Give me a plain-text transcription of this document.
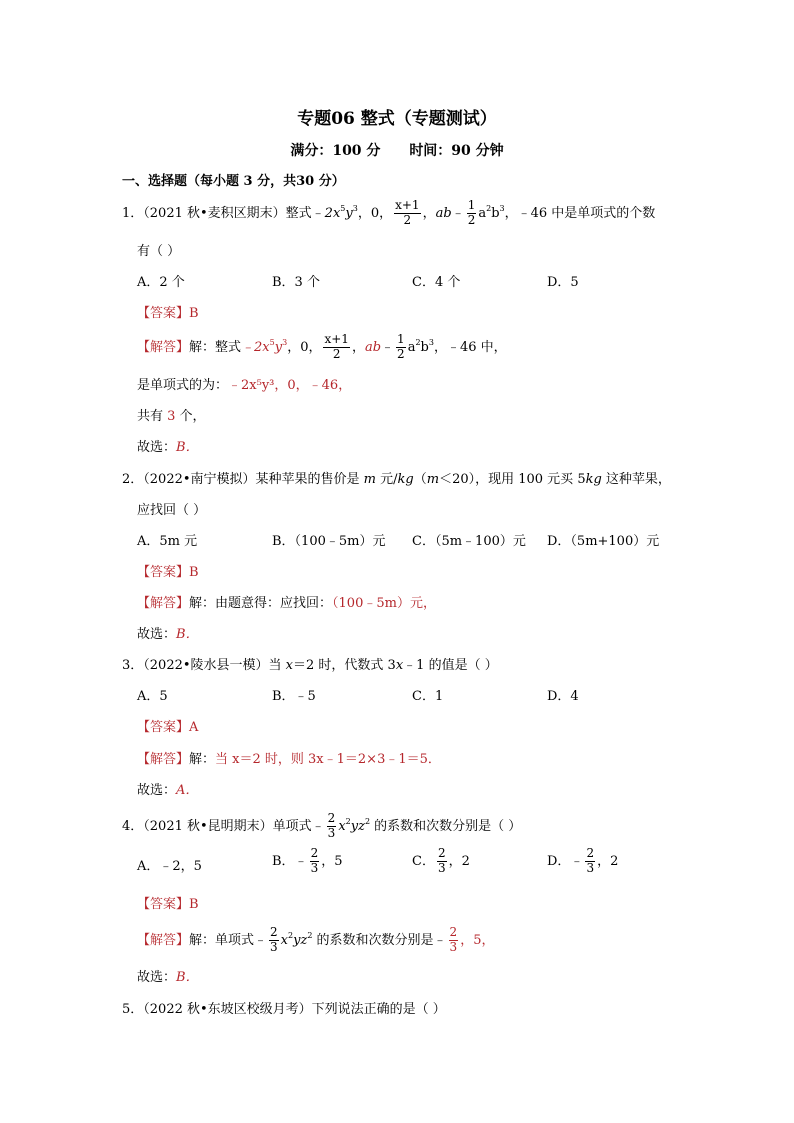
专题06 整式（专题测试）
满分：100 分 时间：90 分钟
一、选择题（每小题 3 分，共30 分）
1．（2021 秋•麦积区期末）整式$﹣2x^5y^3$，0， $\frac{x+1}{2}$ ，ab﹣ $\frac{1}{2} a^2b^3$，﹣46 中是单项式的个数
有（ ）
A．2 个	B．3 个	C．4 个	D．5
【答案】B
【解答】解：整式$﹣2x^5y^3$，0， $\frac{x+1}{2}$ ，ab﹣ $\frac{1}{2} a^2b^3$，﹣46 中，
是单项式的为：﹣2x⁵y³，0，﹣46，
共有 3 个，
故选：B．
2．（2022•南宁模拟）某种苹果的售价是 m 元/kg（m＜20），现用 100 元买 5kg 这种苹果，
应找回（ ）
A．5m 元	B．（100﹣5m）元 C．（5m﹣100）元 D．（5m+100）元
【答案】B
【解答】解：由题意得：应找回：（100﹣5m）元，
故选：B．
3．（2022•陵水县一模）当 x＝2 时，代数式 3x﹣1 的值是（ ）
A．5	B．﹣5	C．1	D．4
【答案】A
【解答】解：当 x＝2 时，则 3x﹣1＝2×3﹣1＝5．
故选：A．
4．（2021 秋•昆明期末）单项式﹣ $\frac{2}{3} x^2yz^2$ 的系数和次数分别是（ ）
A．﹣2，5	B．﹣ $\frac{2}{3}$ ，5	C． $\frac{2}{3}$ ，2	D．﹣ $\frac{2}{3}$ ，2
【答案】B
【解答】解：单项式﹣ $\frac{2}{3} x^2yz^2$ 的系数和次数分别是﹣ $\frac{2}{3}$ ，5，
故选：B．
5．（2022 秋•东坡区校级月考）下列说法正确的是（ ）
